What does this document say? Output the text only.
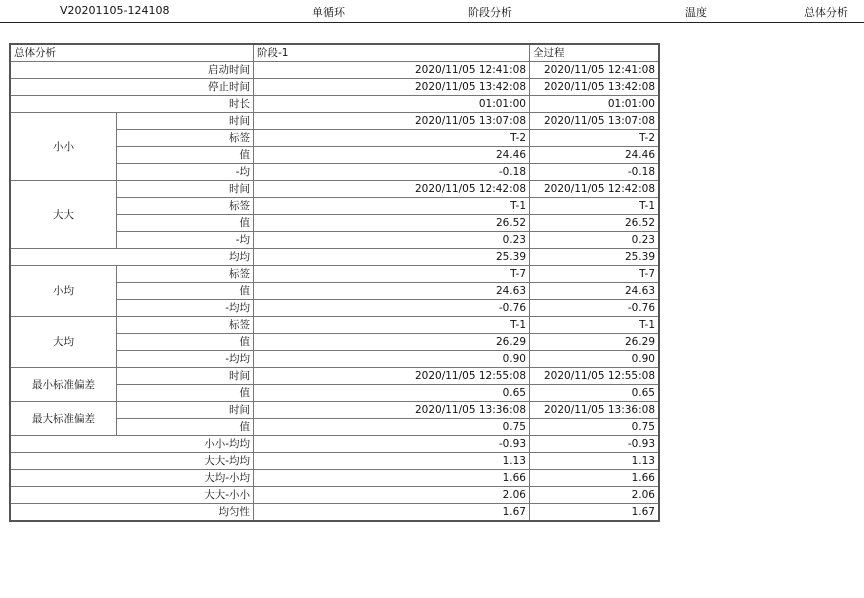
V20201105-124108	单循环	阶段分析	温度	总体分析
总体分析		阶段-1	全过程
启动时间		2020/11/05 12:41:08	2020/11/05 12:41:08
停止时间		2020/11/05 13:42:08	2020/11/05 13:42:08
时长		01:01:00	01:01:00
小小	时间	2020/11/05 13:07:08	2020/11/05 13:07:08
	标签	T-2	T-2
	值	24.46	24.46
	-均	-0.18	-0.18
大大	时间	2020/11/05 12:42:08	2020/11/05 12:42:08
	标签	T-1	T-1
	值	26.52	26.52
	-均	0.23	0.23
均均		25.39	25.39
小均	标签	T-7	T-7
	值	24.63	24.63
	-均均	-0.76	-0.76
大均	标签	T-1	T-1
	值	26.29	26.29
	-均均	0.90	0.90
最小标准偏差	时间	2020/11/05 12:55:08	2020/11/05 12:55:08
	值	0.65	0.65
最大标准偏差	时间	2020/11/05 13:36:08	2020/11/05 13:36:08
	值	0.75	0.75
小小-均均		-0.93	-0.93
大大-均均		1.13	1.13
大均-小均		1.66	1.66
大大-小小		2.06	2.06
均匀性		1.67	1.67
